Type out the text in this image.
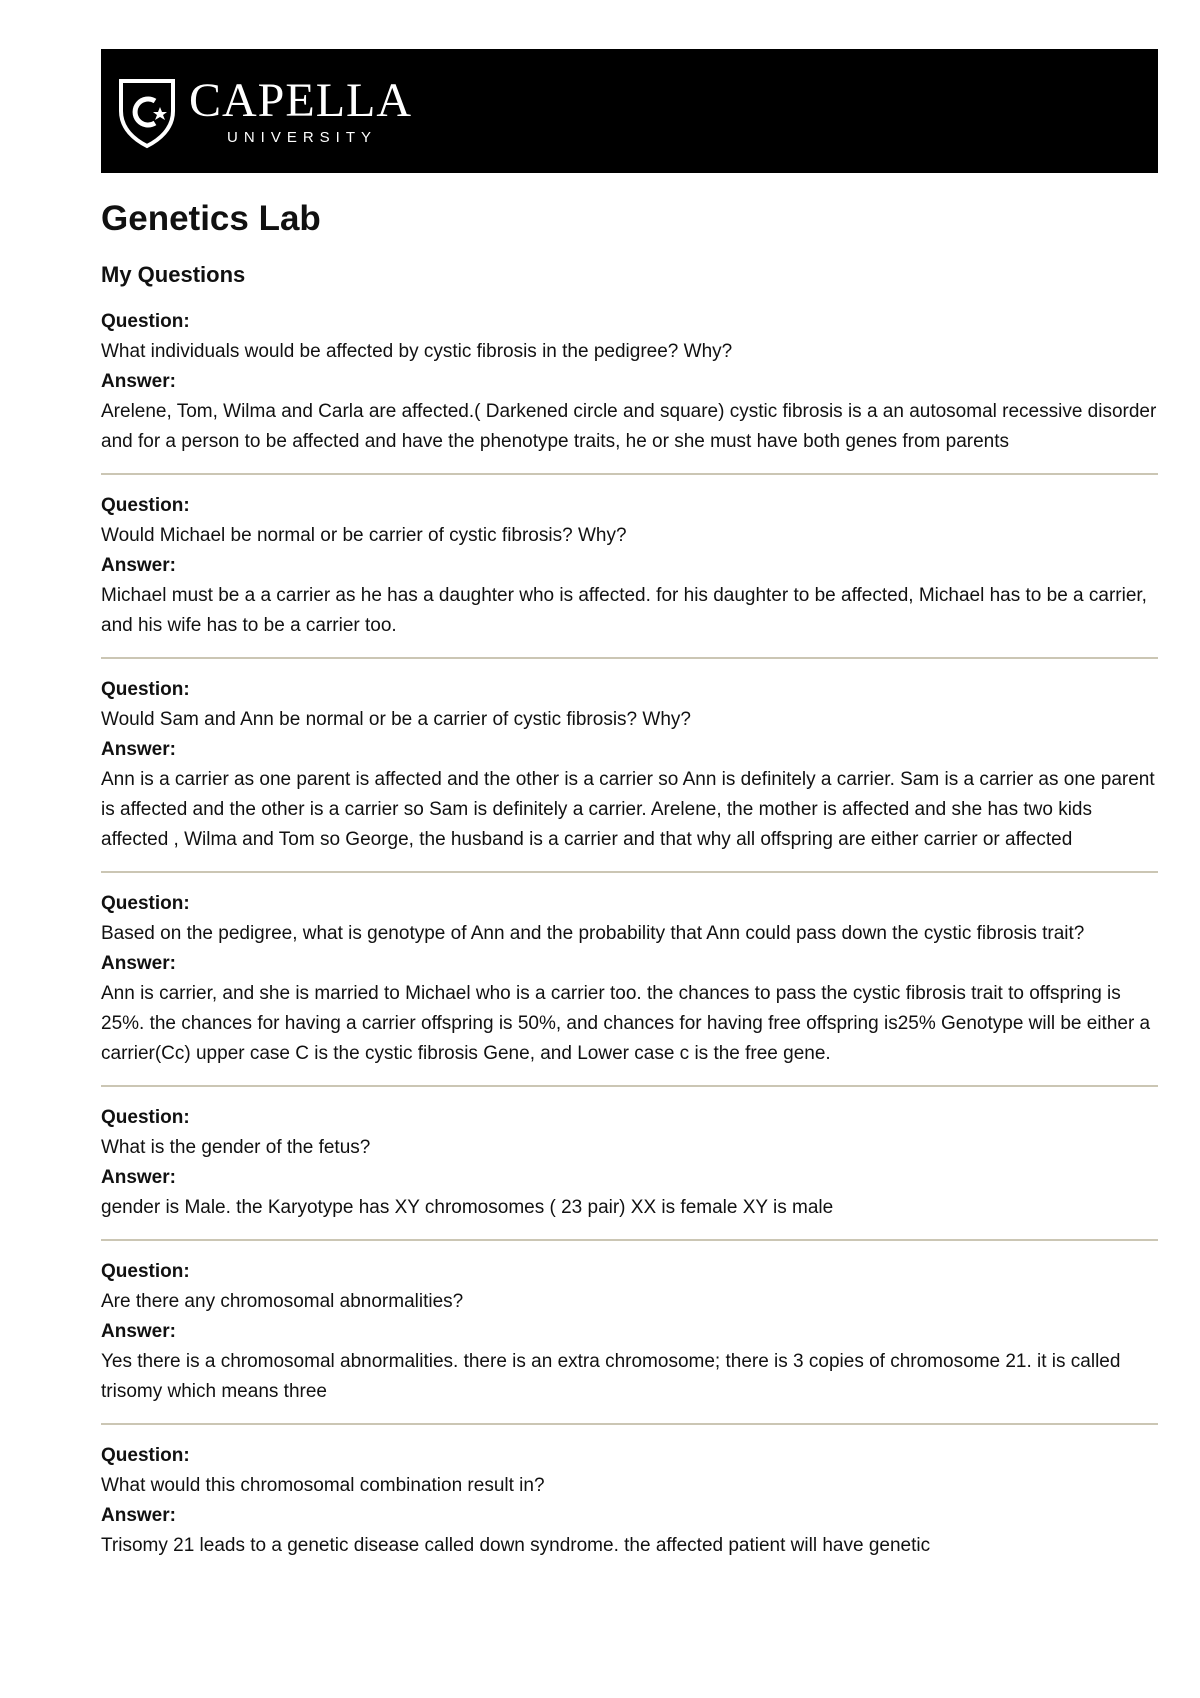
CAPELLA
UNIVERSITY
Genetics Lab
My Questions
Question:
What individuals would be affected by cystic fibrosis in the pedigree? Why?
Answer:
Arelene, Tom, Wilma and Carla are affected.( Darkened circle and square) cystic fibrosis is a an autosomal recessive disorder and for a person to be affected and have the phenotype traits, he or she must have both genes from parents
Question:
Would Michael be normal or be carrier of cystic fibrosis? Why?
Answer:
Michael must be a a carrier as he has a daughter who is affected. for his daughter to be affected, Michael has to be a carrier, and his wife has to be a carrier too.
Question:
Would Sam and Ann be normal or be a carrier of cystic fibrosis? Why?
Answer:
Ann is a carrier as one parent is affected and the other is a carrier so Ann is definitely a carrier. Sam is a carrier as one parent is affected and the other is a carrier so Sam is definitely a carrier. Arelene, the mother is affected and she has two kids affected , Wilma and Tom so George, the husband is a carrier and that why all offspring are either carrier or affected
Question:
Based on the pedigree, what is genotype of Ann and the probability that Ann could pass down the cystic fibrosis trait?
Answer:
Ann is carrier, and she is married to Michael who is a carrier too. the chances to pass the cystic fibrosis trait to offspring is 25%. the chances for having a carrier offspring is 50%, and chances for having free offspring is25% Genotype will be either a carrier(Cc) upper case C is the cystic fibrosis Gene, and Lower case c is the free gene.
Question:
What is the gender of the fetus?
Answer:
gender is Male. the Karyotype has XY chromosomes ( 23 pair) XX is female XY is male
Question:
Are there any chromosomal abnormalities?
Answer:
Yes there is a chromosomal abnormalities. there is an extra chromosome; there is 3 copies of chromosome 21. it is called trisomy which means three
Question:
What would this chromosomal combination result in?
Answer:
Trisomy 21 leads to a genetic disease called down syndrome. the affected patient will have genetic
